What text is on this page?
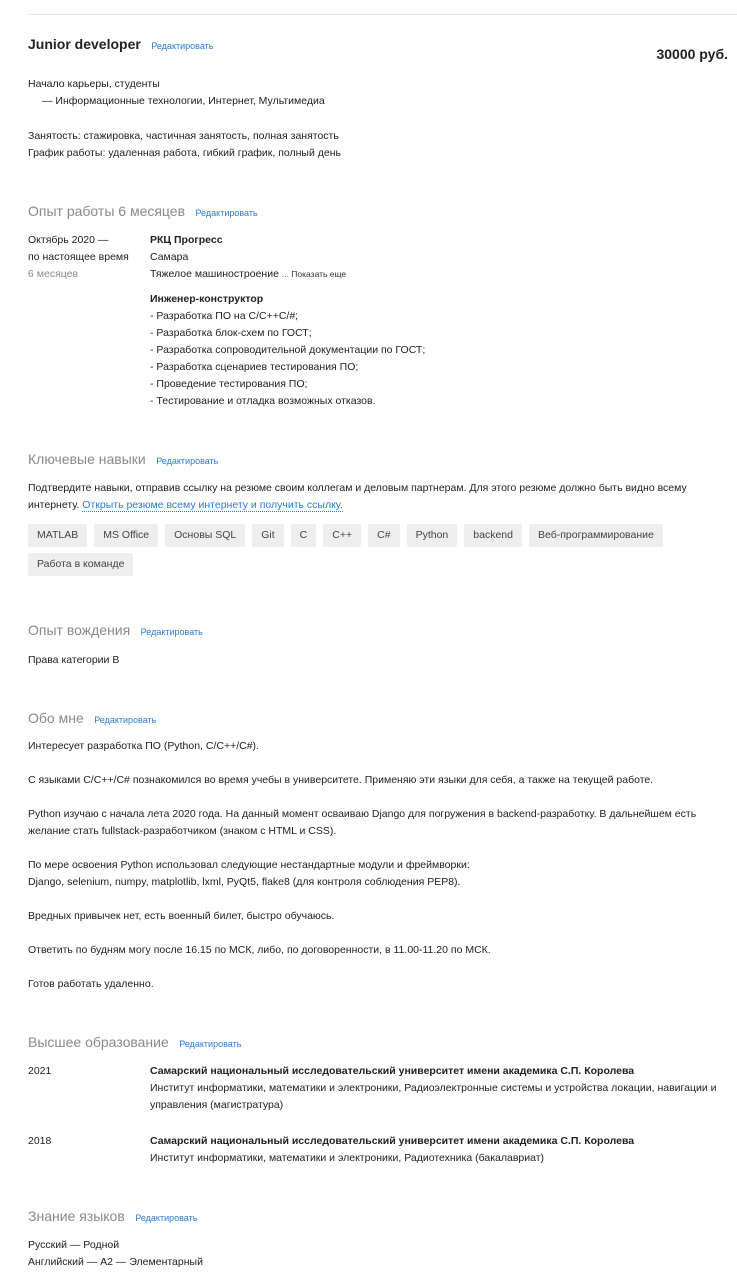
Junior developer Редактировать	30000 руб.
Начало карьеры, студенты
— Информационные технологии, Интернет, Мультимедиа
Занятость: стажировка, частичная занятость, полная занятость
График работы: удаленная работа, гибкий график, полный день
Опыт работы 6 месяцев Редактировать
Октябрь 2020 —
по настоящее время
6 месяцев
РКЦ Прогресс
Самара
Тяжелое машиностроение ... Показать еще
Инженер-конструктор
- Разработка ПО на C/C++C/#;
- Разработка блок-схем по ГОСТ;
- Разработка сопроводительной документации по ГОСТ;
- Разработка сценариев тестирования ПО;
- Проведение тестирования ПО;
- Тестирование и отладка возможных отказов.
Ключевые навыки Редактировать
Подтвердите навыки, отправив ссылку на резюме своим коллегам и деловым партнерам. Для этого резюме должно быть видно всему интернету. Открыть резюме всему интернету и получить ссылку.
MATLAB MS Office Основы SQL Git C C++ C# Python backend Веб-программированиеРабота в команде
Опыт вождения Редактировать
Права категории B
Обо мне Редактировать
Интересует разработка ПО (Python, C/C++/C#).
С языками C/C++/C# познакомился во время учебы в университете. Применяю эти языки для себя, а также на текущей работе.
Python изучаю с начала лета 2020 года. На данный момент осваиваю Django для погружения в backend-разработку. В дальнейшем есть желание стать fullstack-разработчиком (знаком с HTML и CSS).
По мере освоения Python использовал следующие нестандартные модули и фреймворки:
Django, selenium, numpy, matplotlib, lxml, PyQt5, flake8 (для контроля соблюдения PEP8).
Вредных привычек нет, есть военный билет, быстро обучаюсь.
Ответить по будням могу после 16.15 по МСК, либо, по договоренности, в 11.00-11.20 по МСК.
Готов работать удаленно.
Высшее образование Редактировать
2021	Самарский национальный исследовательский университет имени академика С.П. Королева
Институт информатики, математики и электроники, Радиоэлектронные системы и устройства локации, навигации и управления (магистратура)
2018	Самарский национальный исследовательский университет имени академика С.П. Королева
Институт информатики, математики и электроники, Радиотехника (бакалавриат)
Знание языков Редактировать
Русский — Родной
Английский — A2 — Элементарный
